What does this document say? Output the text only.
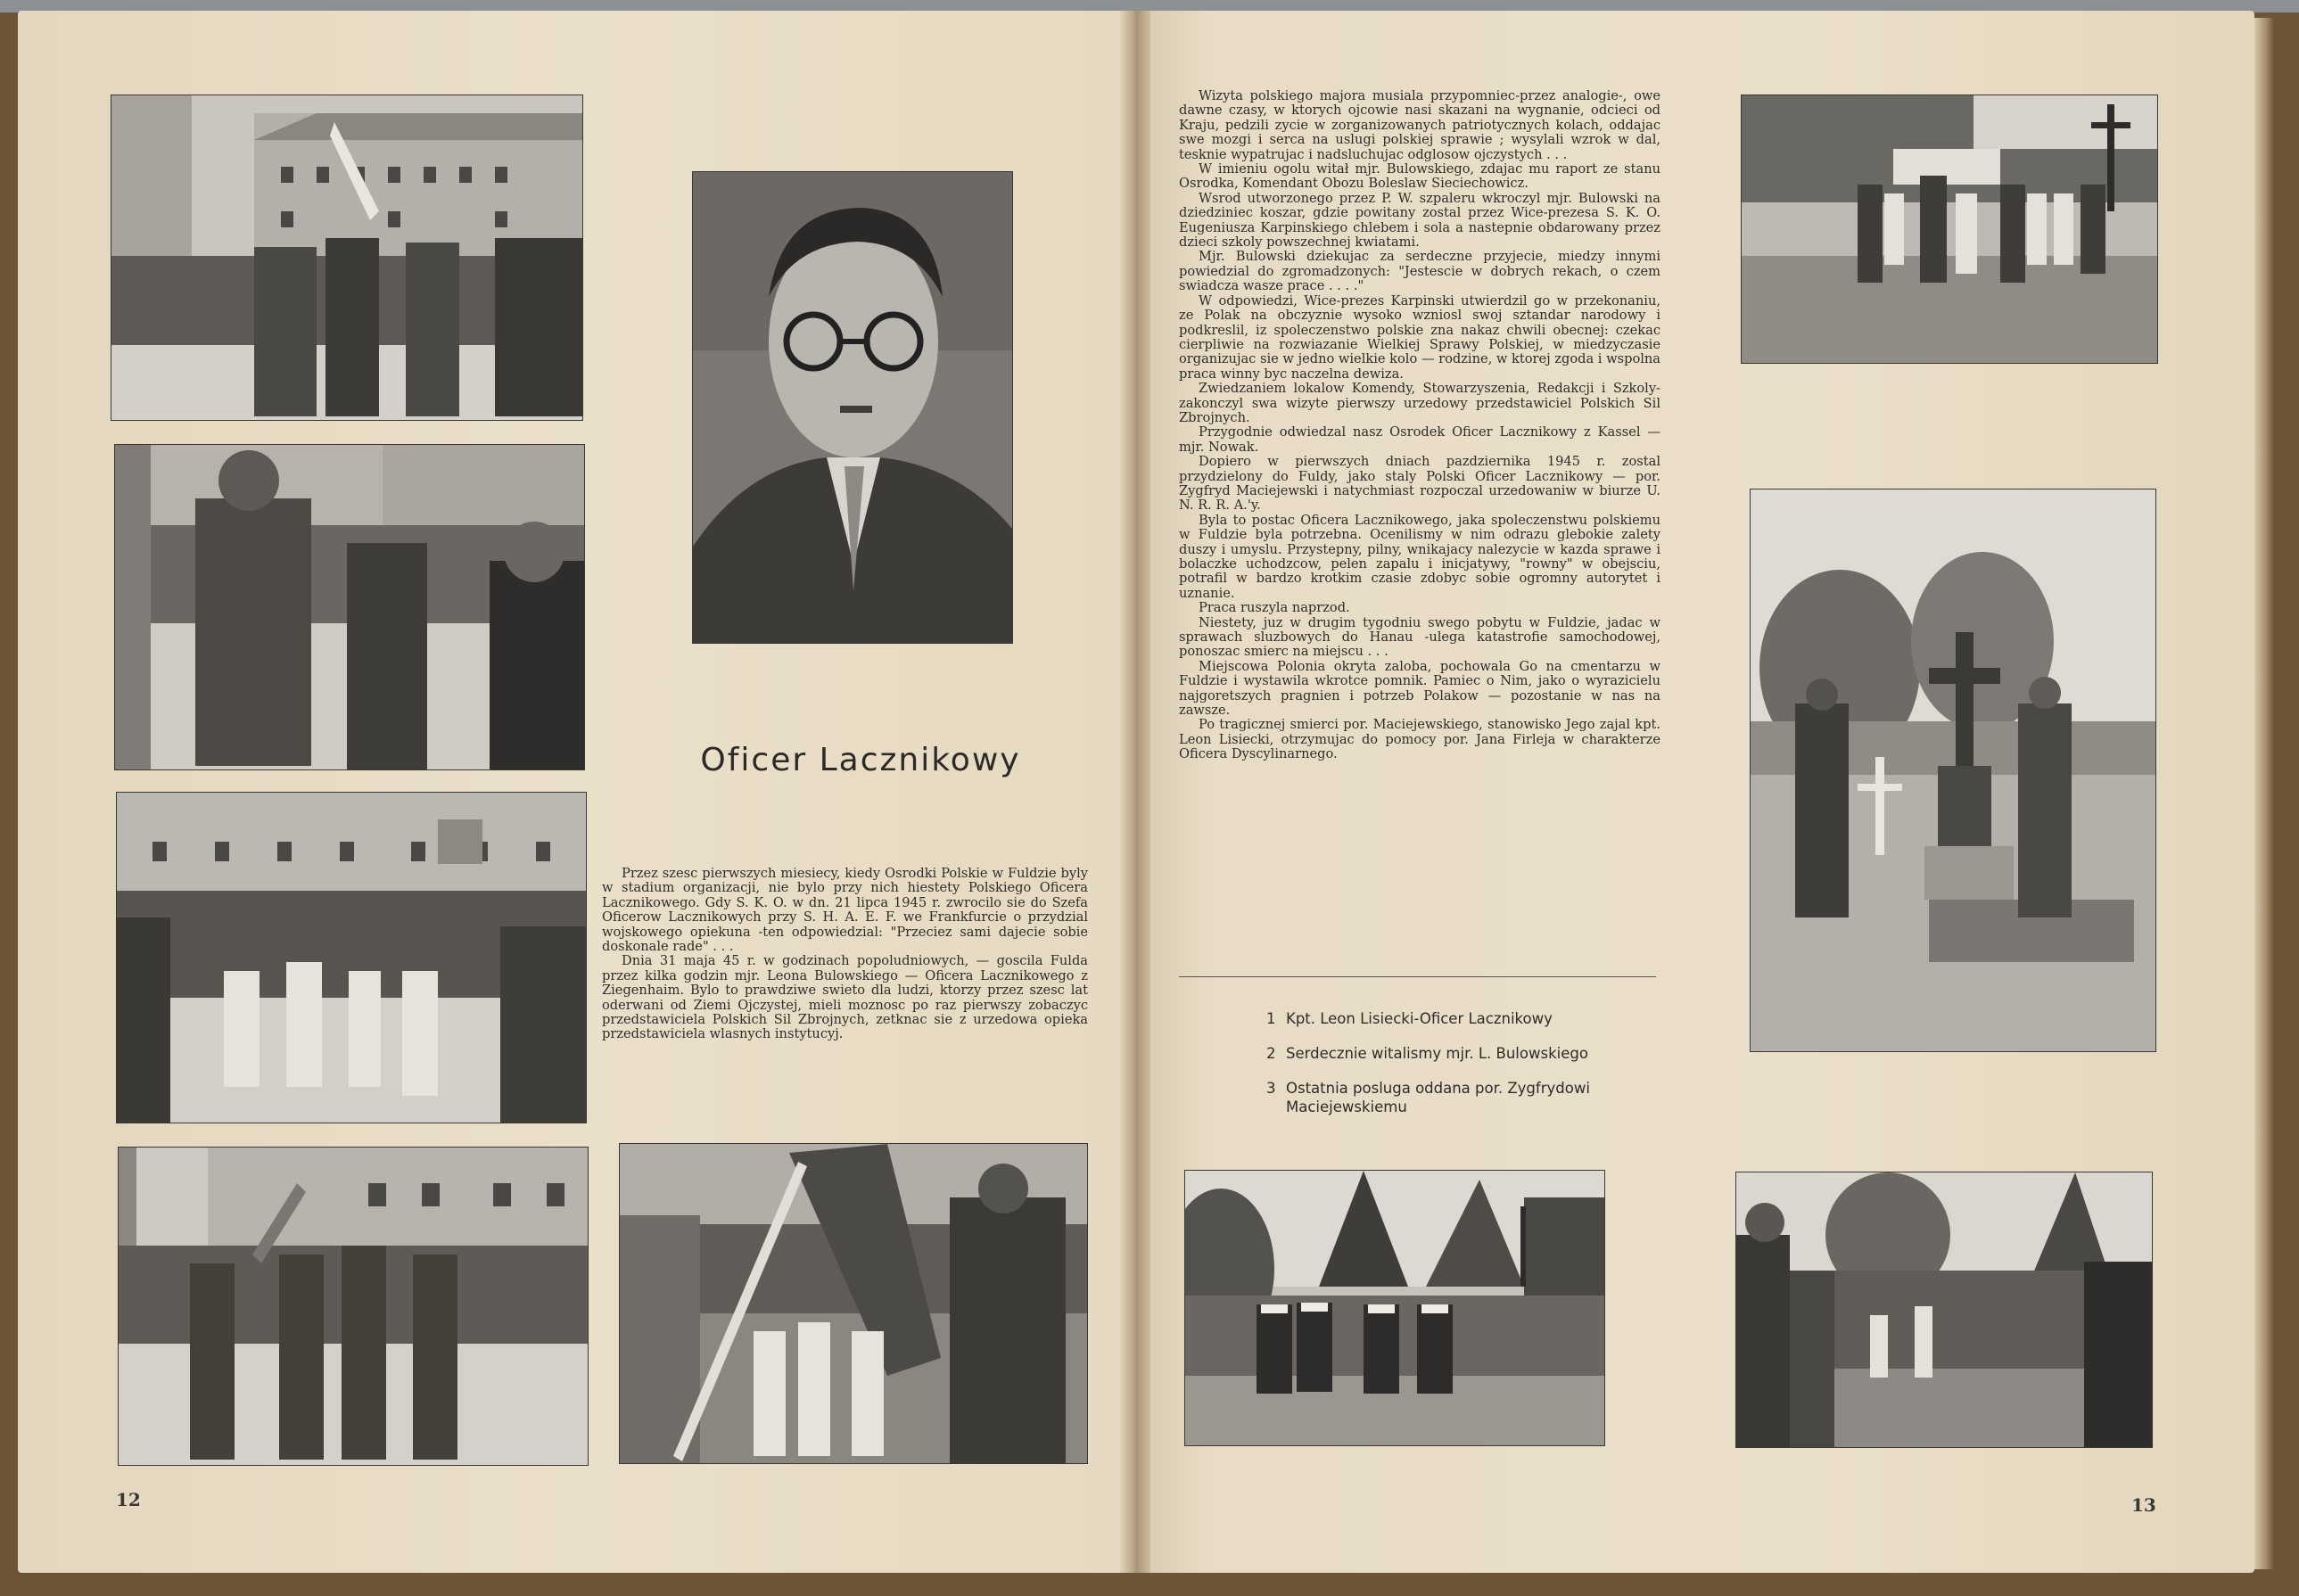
Oficer Lacznikowy

Przez szesc pierwszych miesiecy, kiedy Osrodki Polskie w Fuldzie byly w stadium organizacji, nie bylo przy nich hiestety Polskiego Oficera Lacznikowego. Gdy S. K. O. w dn. 21 lipca 1945 r. zwrocilo sie do Szefa Oficerow Lacznikowych przy S. H. A. E. F. we Frankfurcie o przydzial wojskowego opiekuna -ten odpowiedzial: "Przeciez sami dajecie sobie doskonale rade" . . .

Dnia 31 maja 45 r. w godzinach popoludniowych, — goscila Fulda przez kilka godzin mjr. Leona Bulowskiego — Oficera Lacznikowego z Ziegenhaim. Bylo to prawdziwe swieto dla ludzi, ktorzy przez szesc lat oderwani od Ziemi Ojczystej, mieli moznosc po raz pierwszy zobaczyc przedstawiciela Polskich Sil Zbrojnych, zetknac sie z urzedowa opieka przedstawiciela wlasnych instytucyj.

12

Wizyta polskiego majora musiala przypomniec-przez analogie-, owe dawne czasy, w ktorych ojcowie nasi skazani na wygnanie, odcieci od Kraju, pedzili zycie w zorganizowanych patriotycznych kolach, oddajac swe mozgi i serca na uslugi polskiej sprawie ; wysylali wzrok w dal, tesknie wypatrujac i nadsluchujac odglosow ojczystych . . .

W imieniu ogolu witał mjr. Bulowskiego, zdajac mu raport ze stanu Osrodka, Komendant Obozu Boleslaw Sieciechowicz.

Wsrod utworzonego przez P. W. szpaleru wkroczyl mjr. Bulowski na dziedziniec koszar, gdzie powitany zostal przez Wice-prezesa S. K. O. Eugeniusza Karpinskiego chlebem i sola a nastepnie obdarowany przez dzieci szkoly powszechnej kwiatami.

Mjr. Bulowski dziekujac za serdeczne przyjecie, miedzy innymi powiedzial do zgromadzonych: "Jestescie w dobrych rekach, o czem swiadcza wasze prace . . . ."

W odpowiedzi, Wice-prezes Karpinski utwierdzil go w przekonaniu, ze Polak na obczyznie wysoko wzniosl swoj sztandar narodowy i podkreslil, iz spoleczenstwo polskie zna nakaz chwili obecnej: czekac cierpliwie na rozwiazanie Wielkiej Sprawy Polskiej, w miedzyczasie organizujac sie w jedno wielkie kolo — rodzine, w ktorej zgoda i wspolna praca winny byc naczelna dewiza.

Zwiedzaniem lokalow Komendy, Stowarzyszenia, Redakcji i Szkoly-zakonczyl swa wizyte pierwszy urzedowy przedstawiciel Polskich Sil Zbrojnych.

Przygodnie odwiedzal nasz Osrodek Oficer Lacznikowy z Kassel — mjr. Nowak.

Dopiero w pierwszych dniach pazdziernika 1945 r. zostal przydzielony do Fuldy, jako staly Polski Oficer Lacznikowy — por. Zygfryd Maciejewski i natychmiast rozpoczal urzedowaniw w biurze U. N. R. R. A.'y.

Byla to postac Oficera Lacznikowego, jaka spoleczenstwu polskiemu w Fuldzie byla potrzebna. Ocenilismy w nim odrazu glebokie zalety duszy i umyslu. Przystepny, pilny, wnikajacy nalezycie w kazda sprawe i bolaczke uchodzcow, pelen zapalu i inicjatywy, "rowny" w obejsciu, potrafil w bardzo krotkim czasie zdobyc sobie ogromny autorytet i uznanie.

Praca ruszyla naprzod.

Niestety, juz w drugim tygodniu swego pobytu w Fuldzie, jadac w sprawach sluzbowych do Hanau -ulega katastrofie samochodowej, ponoszac smierc na miejscu . . .

Miejscowa Polonia okryta zaloba, pochowala Go na cmentarzu w Fuldzie i wystawila wkrotce pomnik. Pamiec o Nim, jako o wyrazicielu najgoretszych pragnien i potrzeb Polakow — pozostanie w nas na zawsze.

Po tragicznej smierci por. Maciejewskiego, stanowisko Jego zajal kpt. Leon Lisiecki, otrzymujac do pomocy por. Jana Firleja w charakterze Oficera Dyscylinarnego.

1 Kpt. Leon Lisiecki-Oficer Lacznikowy
2 Serdecznie witalismy mjr. L. Bulowskiego
3 Ostatnia posluga oddana por. Zygfrydowi Maciejewskiemu
13
